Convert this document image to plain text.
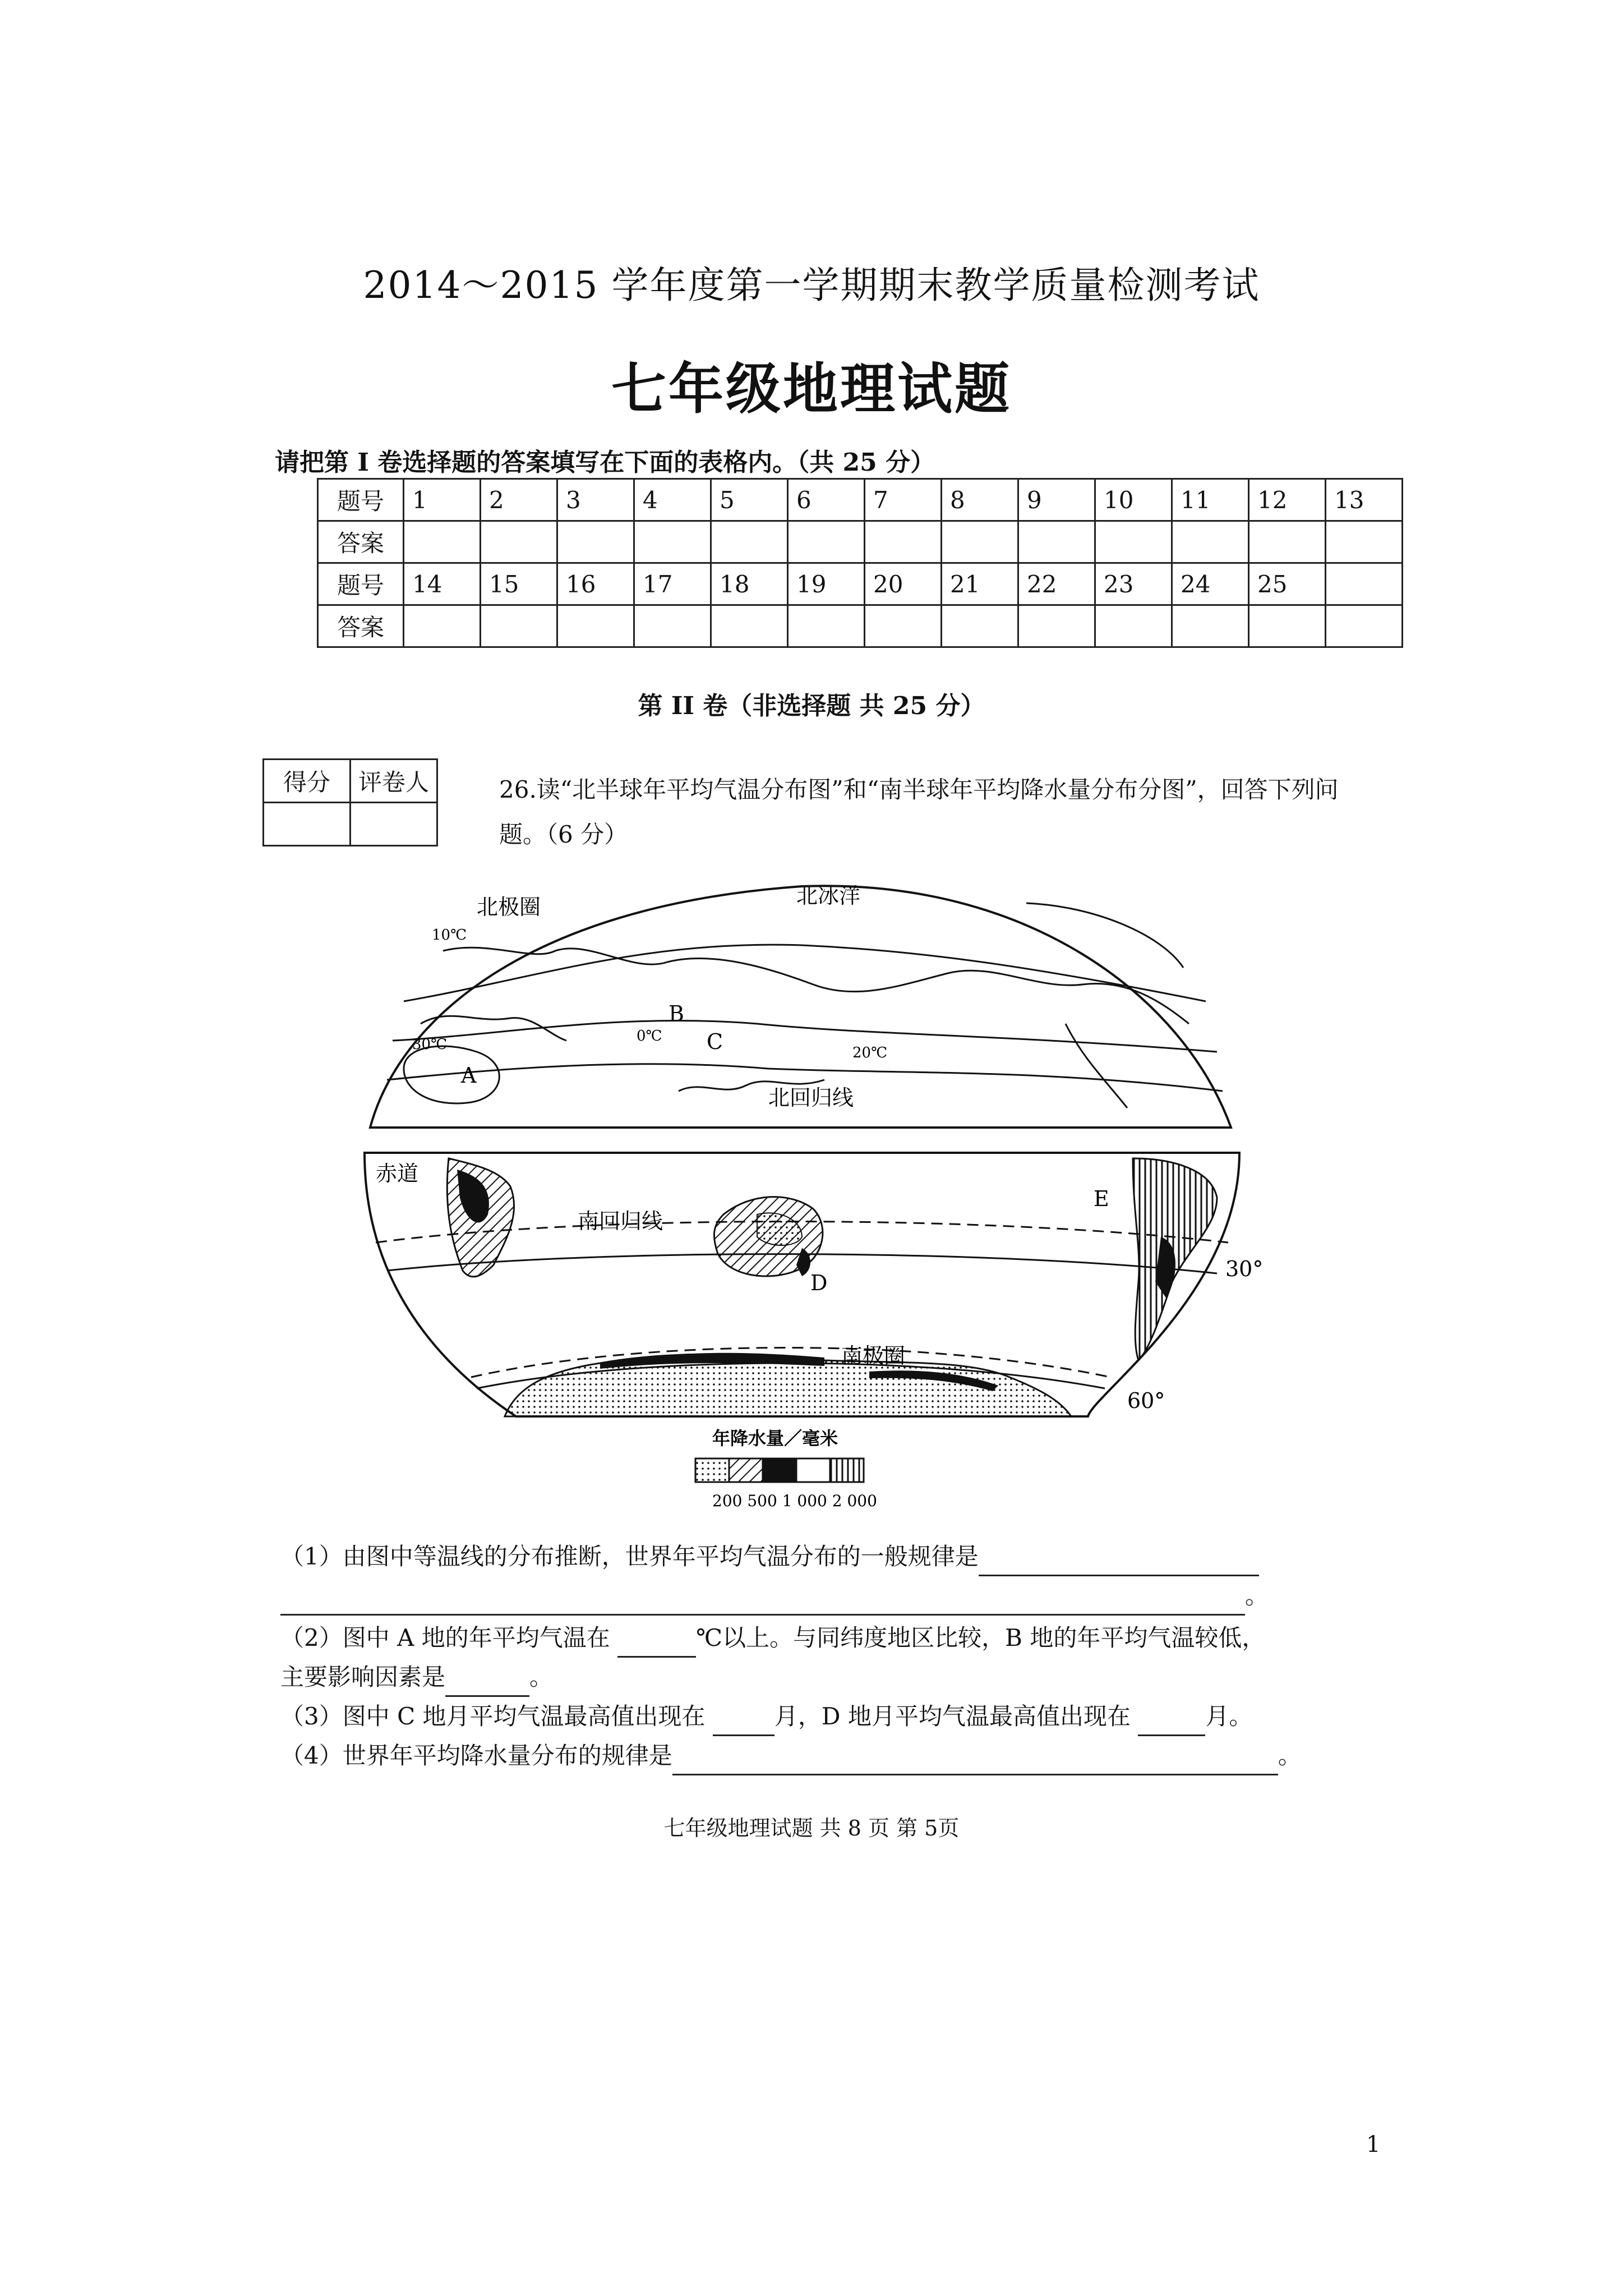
2014～2015 学年度第一学期期末教学质量检测考试
七年级地理试题
请把第 I 卷选择题的答案填写在下面的表格内。（共 25 分）
题号	1	2	3	4	5	6	7	8	9	10	11	12	13
答案													
题号	14	15	16	17	18	19	20	21	22	23	24	25	
答案													
第 II 卷（非选择题 共 25 分）
得分	评卷人
		26.读“北半球年平均气温分布图”和“南半球年平均降水量分布分图”，回答下列问题。（6 分）
北冰洋
北极圈
北回归线
A
B
C
0℃
10℃
20℃
30℃
赤道
南回归线
南极圈
30°
60°
D
E
年降水量／毫米
200 500 1 000 2 000
（1）由图中等温线的分布推断，世界年平均气温分布的一般规律是
。
（2）图中 A 地的年平均气温在	℃以上。与同纬度地区比较，B 地的年平均气温较低，
主要影响因素是	。
（3）图中 C 地月平均气温最高值出现在	月，D 地月平均气温最高值出现在	月。
（4）世界年平均降水量分布的规律是	。
七年级地理试题 共 8 页 第 5页
1
